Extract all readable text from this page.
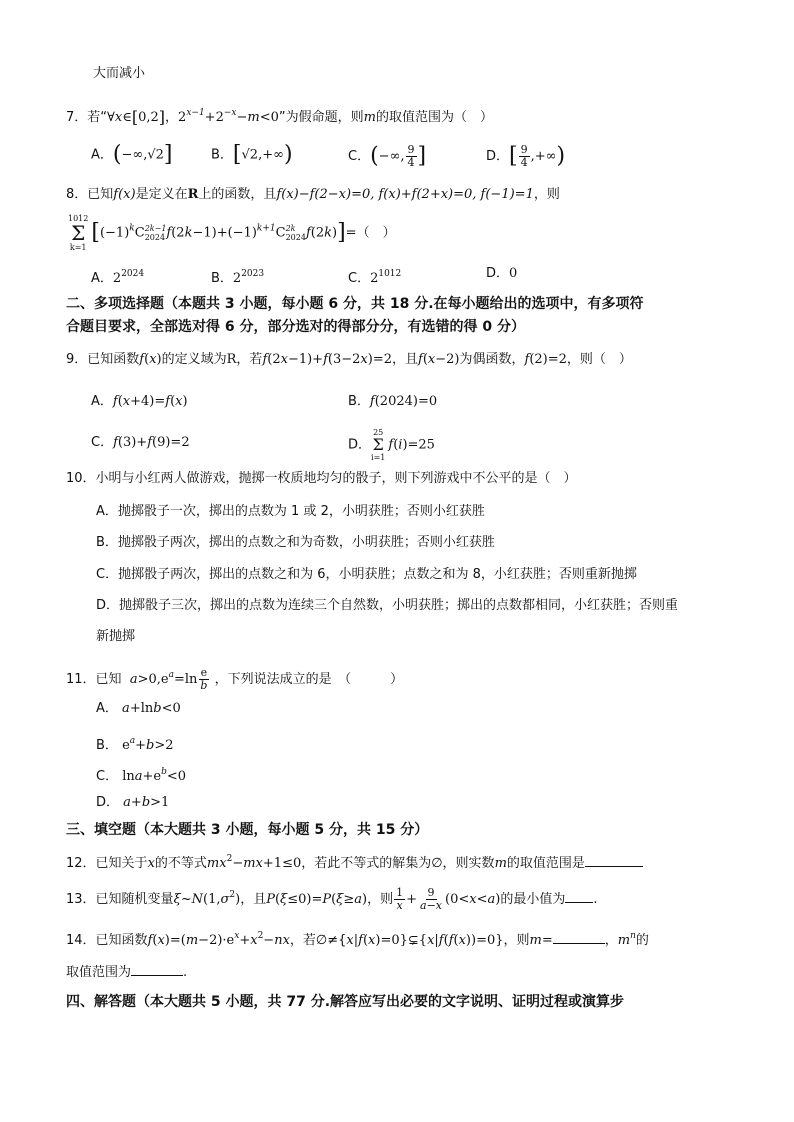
大而减小
7．若“∀x∈[0,2]，$2^{x-1}+2^{-x}-m<0$”为假命题，则m的取值范围为（　）
A．(−∞,√2]	B．[√2,+∞)	C．(−∞, $\frac{9}{4}$ ]	D．[ $\frac{9}{4}$ ,+∞)
8．已知f(x)是定义在R上的函数，且f(x)−f(2−x)=0, f(x)+f(2+x)=0, f(−1)=1，则
1012
Σ
k=1
[$(-1)^kC$ 2k−1
2024 $f(2k-1)+(-1)^{k+1}C$ 2k
2024 f(2k)]=（　）
A．$2^{2024}$	B．$2^{2023}$	C．$2^{1012}$	D．0
二、多项选择题（本题共 3 小题，每小题 6 分，共 18 分.在每小题给出的选项中，有多项符
合题目要求，全部选对得 6 分，部分选对的得部分分，有选错的得 0 分）
9．已知函数f(x)的定义域为R，若f(2x−1)+f(3−2x)=2，且f(x−2)为偶函数，f(2)=2，则（　）
A．f(x+4)=f(x)	B．f(2024)=0
C．f(3)+f(9)=2	D．
25
Σ
i=1
f(i)=25
10．小明与小红两人做游戏，抛掷一枚质地均匀的骰子，则下列游戏中不公平的是（　）
A．抛掷骰子一次，掷出的点数为 1 或 2，小明获胜；否则小红获胜
B．抛掷骰子两次，掷出的点数之和为奇数，小明获胜；否则小红获胜
C．抛掷骰子两次，掷出的点数之和为 6，小明获胜；点数之和为 8，小红获胜；否则重新抛掷
D．抛掷骰子三次，掷出的点数为连续三个自然数，小明获胜；掷出的点数都相同，小红获胜；否则重
新抛掷
11．已知 $a>0,e^a=\ln \frac{e}{b}$ ，下列说法成立的是　（　　　）
A． a+lnb<0
B． $e^a+b>2$
C． $\ln a+e^b<0$
D． a+b>1
三、填空题（本大题共 3 小题，每小题 5 分，共 15 分）
12．已知关于x的不等式$mx^2-mx+1\le 0$，若此不等式的解集为∅，则实数m的取值范围是
13．已知随机变量$\xi\sim N(1,\sigma^2)$，且P(ξ≤0)=P(ξ≥a)，则 $\frac{1}{x} + \frac{9}{a-x} (0<x<a)$的最小值为 .
14．已知函数$f(x)=(m-2)\cdot e^x+x^2-nx$，若∅≠{x|f(x)=0}⊊{x|f(f(x))=0}，则m=	，$m^n$的
取值范围为	.
四、解答题（本大题共 5 小题，共 77 分.解答应写出必要的文字说明、证明过程或演算步
